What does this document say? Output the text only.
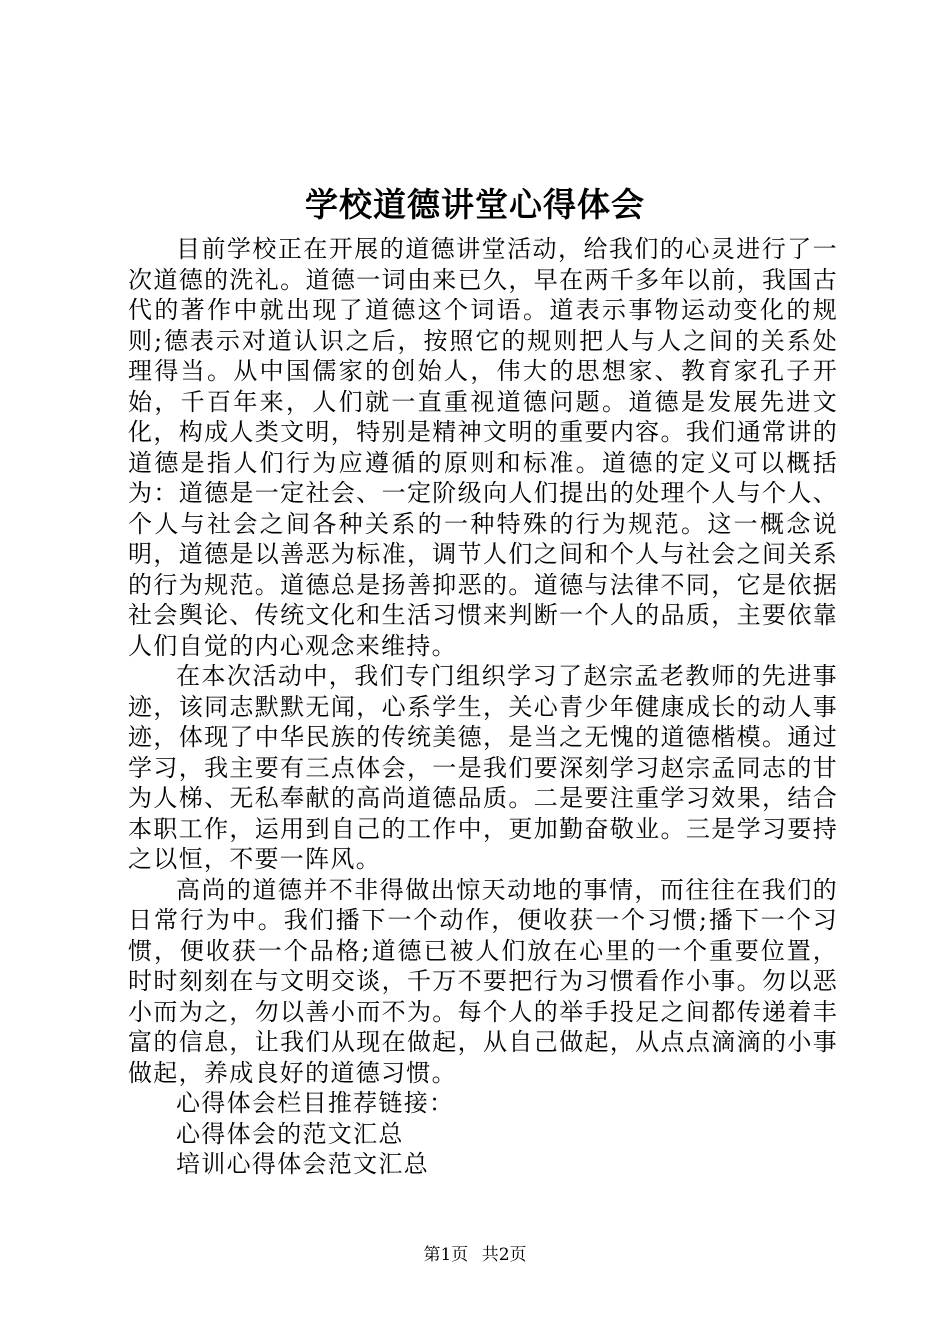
学校道德讲堂心得体会

目前学校正在开展的道德讲堂活动，给我们的心灵进行了一次道德的洗礼。道德一词由来已久，早在两千多年以前，我国古代的著作中就出现了道德这个词语。道表示事物运动变化的规则;德表示对道认识之后，按照它的规则把人与人之间的关系处理得当。从中国儒家的创始人，伟大的思想家、教育家孔子开始，千百年来，人们就一直重视道德问题。道德是发展先进文化，构成人类文明，特别是精神文明的重要内容。我们通常讲的道德是指人们行为应遵循的原则和标准。道德的定义可以概括为：道德是一定社会、一定阶级向人们提出的处理个人与个人、个人与社会之间各种关系的一种特殊的行为规范。这一概念说明，道德是以善恶为标准，调节人们之间和个人与社会之间关系的行为规范。道德总是扬善抑恶的。道德与法律不同，它是依据社会舆论、传统文化和生活习惯来判断一个人的品质，主要依靠人们自觉的内心观念来维持。

在本次活动中，我们专门组织学习了赵宗孟老教师的先进事迹，该同志默默无闻，心系学生，关心青少年健康成长的动人事迹，体现了中华民族的传统美德，是当之无愧的道德楷模。通过学习，我主要有三点体会，一是我们要深刻学习赵宗孟同志的甘为人梯、无私奉献的高尚道德品质。二是要注重学习效果，结合本职工作，运用到自己的工作中，更加勤奋敬业。三是学习要持之以恒，不要一阵风。

高尚的道德并不非得做出惊天动地的事情，而往往在我们的日常行为中。我们播下一个动作，便收获一个习惯;播下一个习惯，便收获一个品格;道德已被人们放在心里的一个重要位置，时时刻刻在与文明交谈，千万不要把行为习惯看作小事。勿以恶小而为之，勿以善小而不为。每个人的举手投足之间都传递着丰富的信息，让我们从现在做起，从自己做起，从点点滴滴的小事做起，养成良好的道德习惯。

心得体会栏目推荐链接：
心得体会的范文汇总
培训心得体会范文汇总
第1页 共2页
